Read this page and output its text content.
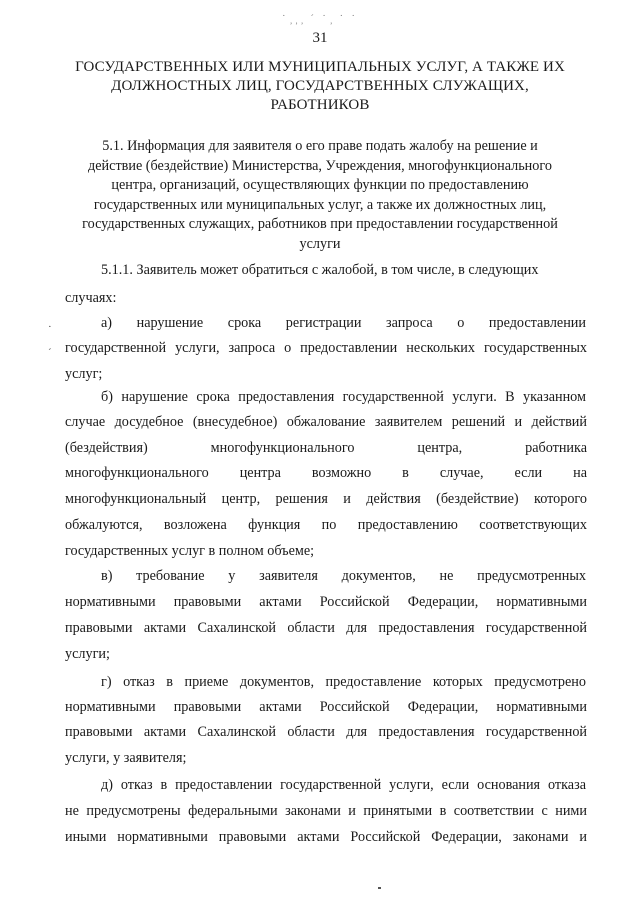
˙ ̦ ̦ ̦ ´ ˙ ̦ ˙ ˙
31
ГОСУДАРСТВЕННЫХ ИЛИ МУНИЦИПАЛЬНЫХ УСЛУГ, А ТАКЖЕ ИХ
ДОЛЖНОСТНЫХ ЛИЦ, ГОСУДАРСТВЕННЫХ СЛУЖАЩИХ,
РАБОТНИКОВ
5.1. Информация для заявителя о его праве подать жалобу на решение и
действие (бездействие) Министерства, Учреждения, многофункционального
центра, организаций, осуществляющих функции по предоставлению
государственных или муниципальных услуг, а также их должностных лиц,
государственных служащих, работников при предоставлении государственной
услуги
5.1.1. Заявитель может обратиться с жалобой, в том числе, в следующих
случаях:
·	а) нарушение срока регистрации запроса о предоставлении
ˊ государственной услуги, запроса о предоставлении нескольких государственных
услуг;
б) нарушение срока предоставления государственной услуги. В указанном
случае досудебное (внесудебное) обжалование заявителем решений и действий
(бездействия) многофункционального центра, работника
многофункционального центра возможно в случае, если на
многофункциональный центр, решения и действия (бездействие) которого
обжалуются, возложена функция по предоставлению соответствующих
государственных услуг в полном объеме;
в) требование у заявителя документов, не предусмотренных
нормативными правовыми актами Российской Федерации, нормативными
правовыми актами Сахалинской области для предоставления государственной
услуги;
г) отказ в приеме документов, предоставление которых предусмотрено
нормативными правовыми актами Российской Федерации, нормативными
правовыми актами Сахалинской области для предоставления государственной
услуги, у заявителя;
д) отказ в предоставлении государственной услуги, если основания отказа
не предусмотрены федеральными законами и принятыми в соответствии с ними
иными нормативными правовыми актами Российской Федерации, законами и
